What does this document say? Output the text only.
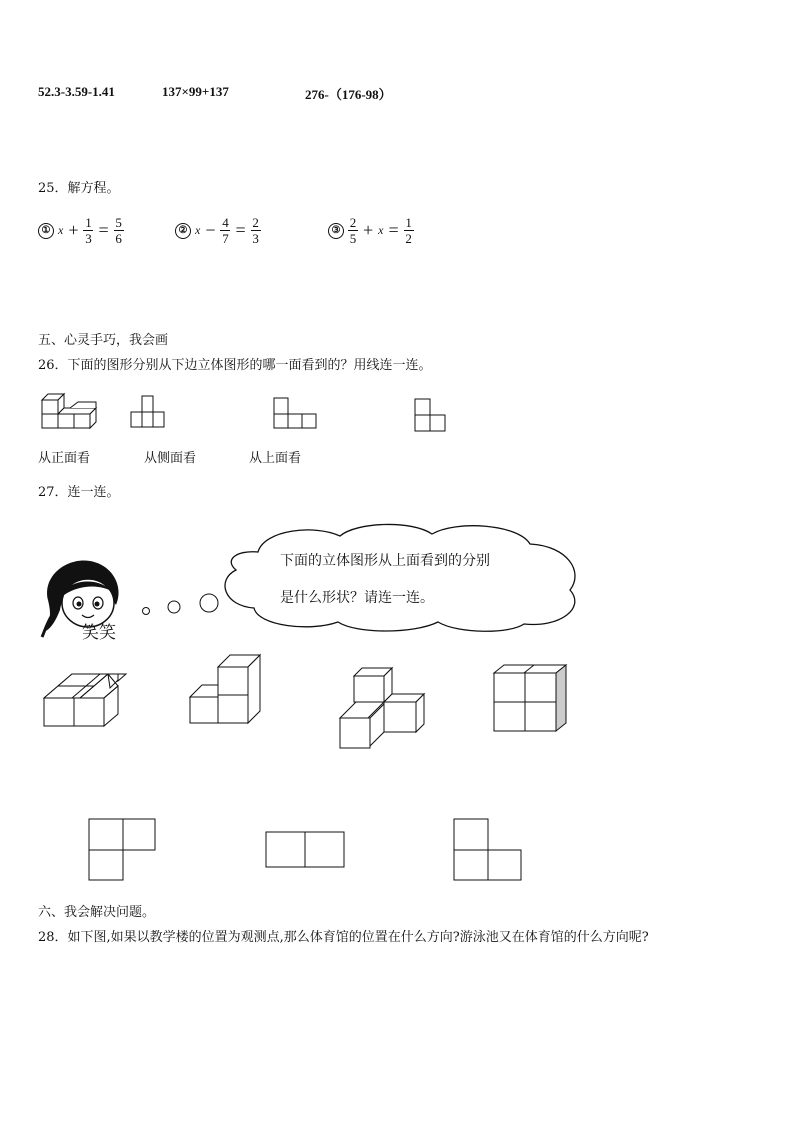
52.3-3.59-1.41	137×99+137	276-（176-98）
25．解方程。
① $x + \frac{1}{3} = \frac{5}{6}$	② $x - \frac{4}{7} = \frac{2}{3}$	③ $\frac{2}{5} + x = \frac{1}{2}$
五、心灵手巧，我会画
26．下面的图形分别从下边立体图形的哪一面看到的？用线连一连。
从正面看	从侧面看	从上面看
27．连一连。
笑笑
下面的立体图形从上面看到的分别
是什么形状？请连一连。
六、我会解决问题。
28．如下图,如果以教学楼的位置为观测点,那么体育馆的位置在什么方向?游泳池又在体育馆的什么方向呢?
